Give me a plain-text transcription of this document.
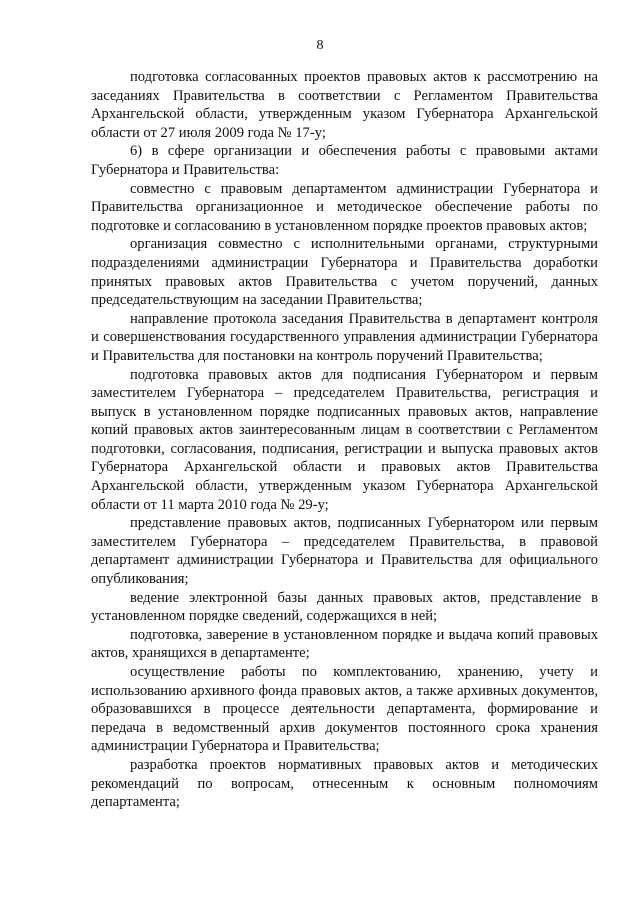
8

подготовка согласованных проектов правовых актов к рассмотрению на заседаниях Правительства в соответствии с Регламентом Правительства Архангельской области, утвержденным указом Губернатора Архангельской области от 27 июля 2009 года № 17-у;

6) в сфере организации и обеспечения работы с правовыми актами Губернатора и Правительства:

совместно с правовым департаментом администрации Губернатора и Правительства организационное и методическое обеспечение работы по подготовке и согласованию в установленном порядке проектов правовых актов;

организация совместно с исполнительными органами, структурными подразделениями администрации Губернатора и Правительства доработки принятых правовых актов Правительства с учетом поручений, данных председательствующим на заседании Правительства;

направление протокола заседания Правительства в департамент контроля и совершенствования государственного управления администрации Губернатора и Правительства для постановки на контроль поручений Правительства;

подготовка правовых актов для подписания Губернатором и первым заместителем Губернатора – председателем Правительства, регистрация и выпуск в установленном порядке подписанных правовых актов, направление копий правовых актов заинтересованным лицам в соответствии с Регламентом подготовки, согласования, подписания, регистрации и выпуска правовых актов Губернатора Архангельской области и правовых актов Правительства Архангельской области, утвержденным указом Губернатора Архангельской области от 11 марта 2010 года № 29-у;

представление правовых актов, подписанных Губернатором или первым заместителем Губернатора – председателем Правительства, в правовой департамент администрации Губернатора и Правительства для официального опубликования;

ведение электронной базы данных правовых актов, представление в установленном порядке сведений, содержащихся в ней;

подготовка, заверение в установленном порядке и выдача копий правовых актов, хранящихся в департаменте;

осуществление работы по комплектованию, хранению, учету и использованию архивного фонда правовых актов, а также архивных документов, образовавшихся в процессе деятельности департамента, формирование и передача в ведомственный архив документов постоянного срока хранения администрации Губернатора и Правительства;

разработка проектов нормативных правовых актов и методических рекомендаций по вопросам, отнесенным к основным полномочиям департамента;
